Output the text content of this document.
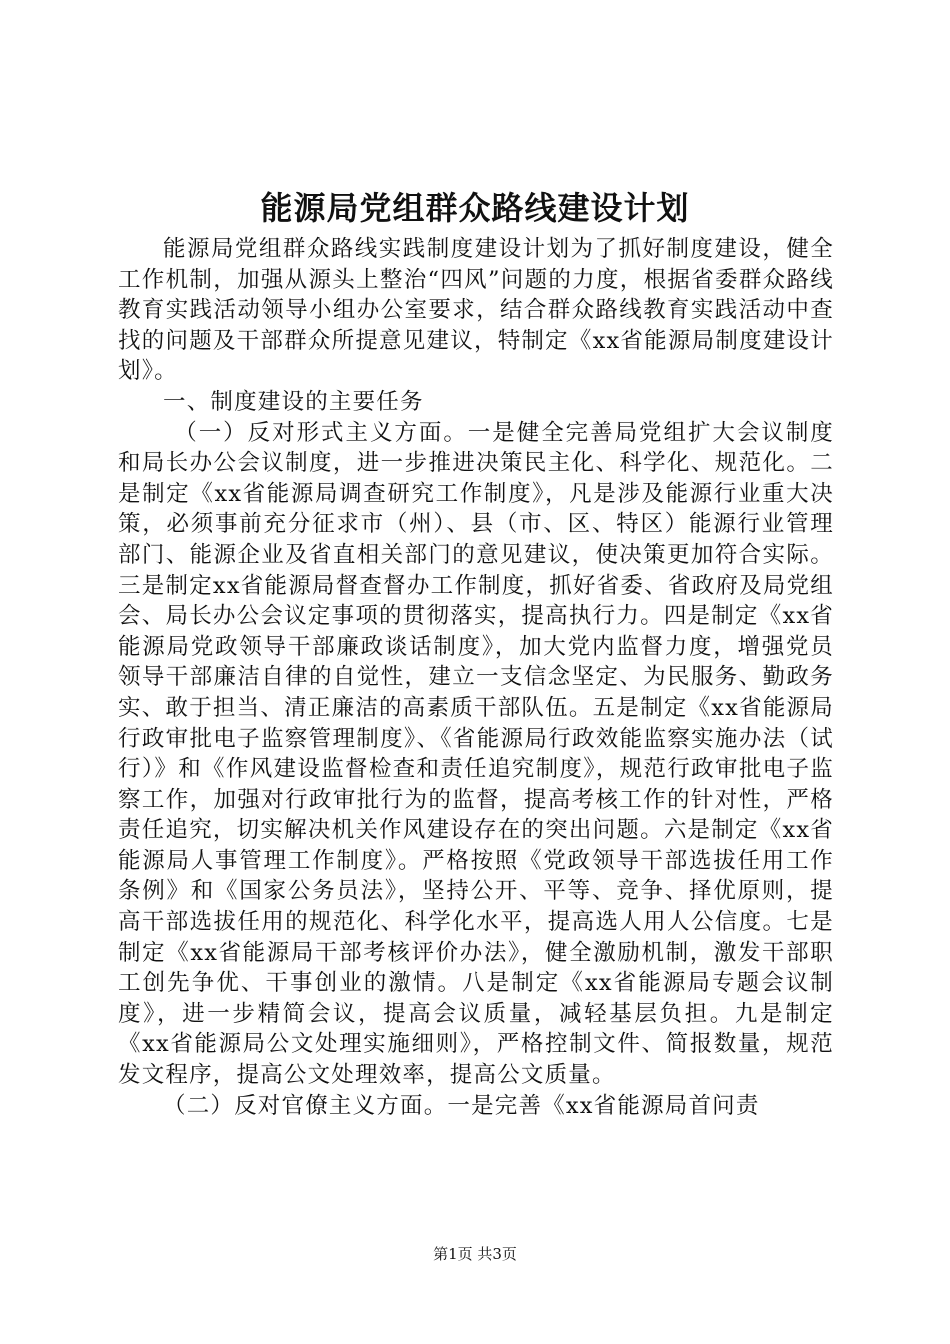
能源局党组群众路线建设计划

能源局党组群众路线实践制度建设计划为了抓好制度建设，健全工作机制，加强从源头上整治“四风”问题的力度，根据省委群众路线教育实践活动领导小组办公室要求，结合群众路线教育实践活动中查找的问题及干部群众所提意见建议，特制定《xx省能源局制度建设计划》。

一、制度建设的主要任务

（一）反对形式主义方面。一是健全完善局党组扩大会议制度和局长办公会议制度，进一步推进决策民主化、科学化、规范化。二是制定《xx省能源局调查研究工作制度》，凡是涉及能源行业重大决策，必须事前充分征求市（州）、县（市、区、特区）能源行业管理部门、能源企业及省直相关部门的意见建议，使决策更加符合实际。三是制定xx省能源局督查督办工作制度，抓好省委、省政府及局党组会、局长办公会议定事项的贯彻落实，提高执行力。四是制定《xx省能源局党政领导干部廉政谈话制度》，加大党内监督力度，增强党员领导干部廉洁自律的自觉性，建立一支信念坚定、为民服务、勤政务实、敢于担当、清正廉洁的高素质干部队伍。五是制定《xx省能源局行政审批电子监察管理制度》、《省能源局行政效能监察实施办法（试行）》和《作风建设监督检查和责任追究制度》，规范行政审批电子监察工作，加强对行政审批行为的监督，提高考核工作的针对性，严格责任追究，切实解决机关作风建设存在的突出问题。六是制定《xx省能源局人事管理工作制度》。严格按照《党政领导干部选拔任用工作条例》和《国家公务员法》，坚持公开、平等、竞争、择优原则，提高干部选拔任用的规范化、科学化水平，提高选人用人公信度。七是制定《xx省能源局干部考核评价办法》，健全激励机制，激发干部职工创先争优、干事创业的激情。八是制定《xx省能源局专题会议制度》，进一步精简会议，提高会议质量，减轻基层负担。九是制定《xx省能源局公文处理实施细则》，严格控制文件、简报数量，规范发文程序，提高公文处理效率，提高公文质量。

（二）反对官僚主义方面。一是完善《xx省能源局首问责

第1页 共3页
